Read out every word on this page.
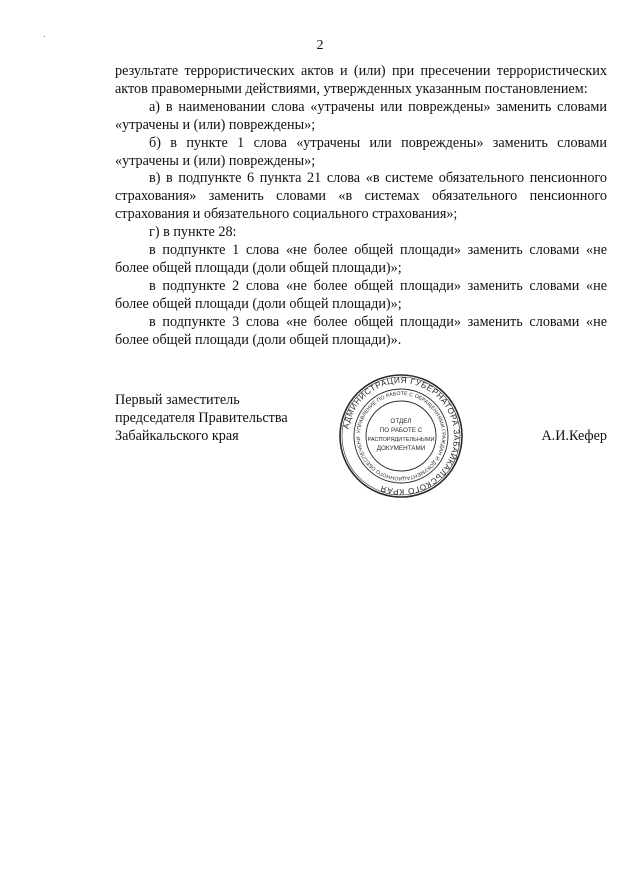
2

результате террористических актов и (или) при пресечении террористических актов правомерными действиями, утвержденных указанным постановлением:

а) в наименовании слова «утрачены или повреждены» заменить словами «утрачены и (или) повреждены»;

б) в пункте 1 слова «утрачены или повреждены» заменить словами «утрачены и (или) повреждены»;

в) в подпункте 6 пункта 21 слова «в системе обязательного пенсионного страхования» заменить словами «в системах обязательного пенсионного страхования и обязательного социального страхования»;

г) в пункте 28:

в подпункте 1 слова «не более общей площади» заменить словами «не более общей площади (доли общей площади)»;

в подпункте 2 слова «не более общей площади» заменить словами «не более общей площади (доли общей площади)»;

в подпункте 3 слова «не более общей площади» заменить словами «не более общей площади (доли общей площади)».

Первый заместитель
председателя Правительства
Забайкальского края
АДМИНИСТРАЦИЯ ГУБЕРНАТОРА ЗАБАЙКАЛЬСКОГО КРАЯ
УПРАВЛЕНИЕ ПО РАБОТЕ С ОБРАЩЕНИЯМИ ГРАЖДАН И ДОКУМЕНТАЦИОННОГО ОБЕСПЕЧЕНИ
ОТДЕЛ
ПО РАБОТЕ С
РАСПОРЯДИТЕЛЬНЫМИ
ДОКУМЕНТАМИ
А.И.Кефер
